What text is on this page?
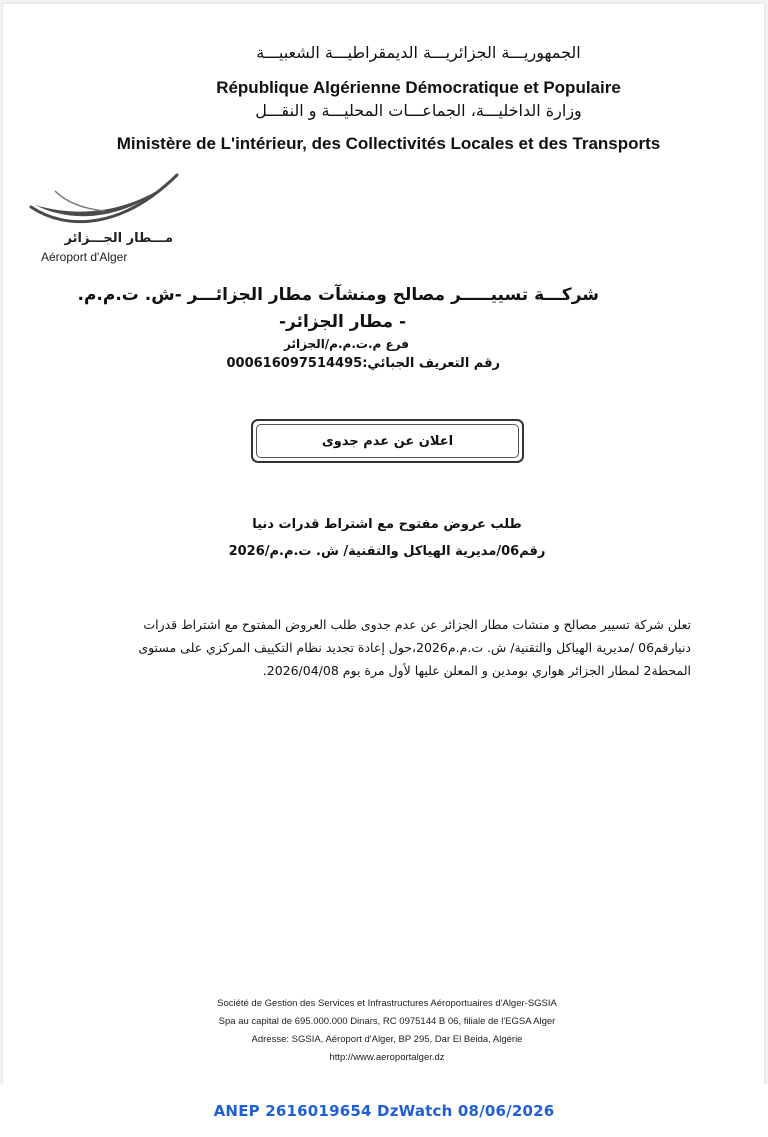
الجمهوريـــة الجزائريـــة الديمقراطيـــة الشعبيـــة
République Algérienne Démocratique et Populaire
وزارة الداخليـــة، الجماعـــات المحليـــة و النقـــل
Ministère de L'intérieur, des Collectivités Locales et des Transports
مـــطار الجـــزائر
Aéroport d'Alger
شركـــة تسييـــــر مصالح ومنشآت مطار الجزائـــر -ش. ت.م.م.
- مطار الجزائر-
فرع م.ت.م.م/الجزائر
رقم التعريف الجبائي:000616097514495
اعلان عن عدم جدوى
طلب عروض مفتوح مع اشتراط قدرات دنيا
رقم06/مديرية الهياكل والتقنية/ ش. ت.م.م/2026
تعلن شركة تسيير مصالح و منشات مطار الجزائر عن عدم جدوى طلب العروض المفتوح مع اشتراط قدرات
دنيارقم06 /مديرية الهياكل والتقنية/ ش. ت.م.م2026،حول إعادة تجديد نظام التكييف المركزي على مستوى
المحطة2 لمطار الجزائر هواري بومدين و المعلن عليها لأول مرة يوم 2026/04/08.
Société de Gestion des Services et Infrastructures Aéroportuaires d'Alger-SGSIA
Spa au capital de 695.000.000 Dinars, RC 0975144 B 06, filiale de l'EGSA Alger
Adresse: SGSIA, Aéroport d'Alger, BP 295, Dar El Beida, Algérie
http://www.aeroportalger.dz
ANEP 2616019654 DzWatch 08/06/2026
